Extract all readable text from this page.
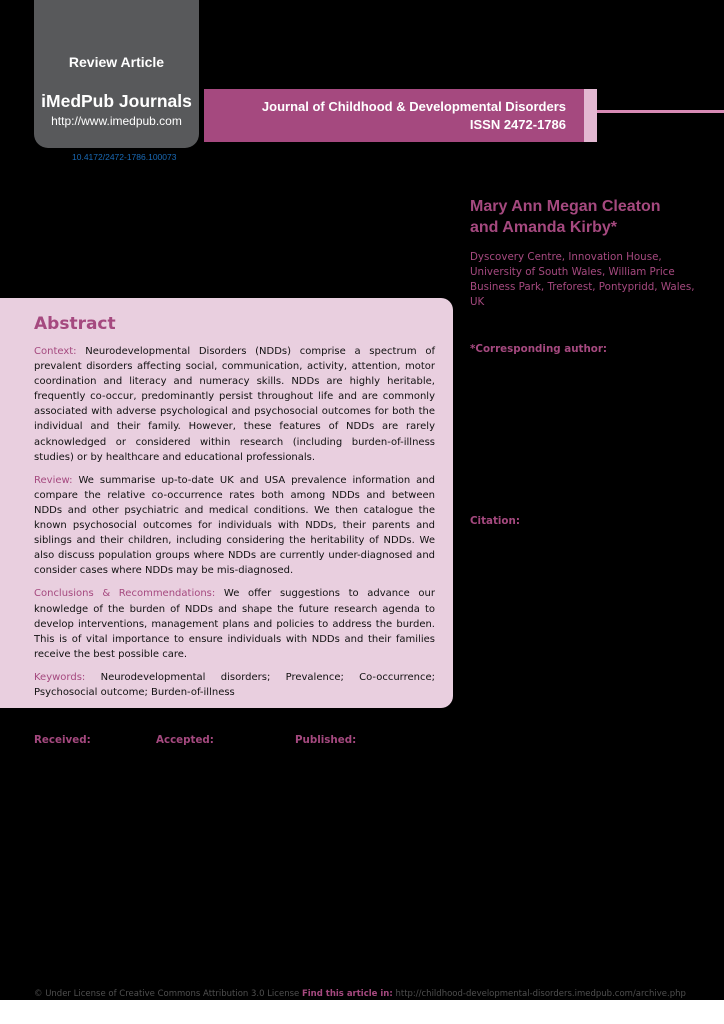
Review Article
iMedPub Journals
http://www.imedpub.com
10.4172/2472-1786.100073
Journal of Childhood & Developmental Disorders
ISSN 2472-1786
Mary Ann Megan Cleaton
and Amanda Kirby*
Dyscovery Centre, Innovation House,
University of South Wales, William Price
Business Park, Treforest, Pontypridd, Wales,
UK
*Corresponding author:
Citation:
Abstract

Context: Neurodevelopmental Disorders (NDDs) comprise a spectrum of prevalent disorders affecting social, communication, activity, attention, motor coordination and literacy and numeracy skills. NDDs are highly heritable, frequently co-occur, predominantly persist throughout life and are commonly associated with adverse psychological and psychosocial outcomes for both the individual and their family. However, these features of NDDs are rarely acknowledged or considered within research (including burden-of-illness studies) or by healthcare and educational professionals.

Review: We summarise up-to-date UK and USA prevalence information and compare the relative co-occurrence rates both among NDDs and between NDDs and other psychiatric and medical conditions. We then catalogue the known psychosocial outcomes for individuals with NDDs, their parents and siblings and their children, including considering the heritability of NDDs. We also discuss population groups where NDDs are currently under-diagnosed and consider cases where NDDs may be mis-diagnosed.

Conclusions & Recommendations: We offer suggestions to advance our knowledge of the burden of NDDs and shape the future research agenda to develop interventions, management plans and policies to address the burden. This is of vital importance to ensure individuals with NDDs and their families receive the best possible care.

Keywords: Neurodevelopmental disorders; Prevalence; Co-occurrence; Psychosocial outcome; Burden-of-illness

Received:	Accepted:	Published:
© Under License of Creative Commons Attribution 3.0 License Find this article in: http://childhood-developmental-disorders.imedpub.com/archive.php
